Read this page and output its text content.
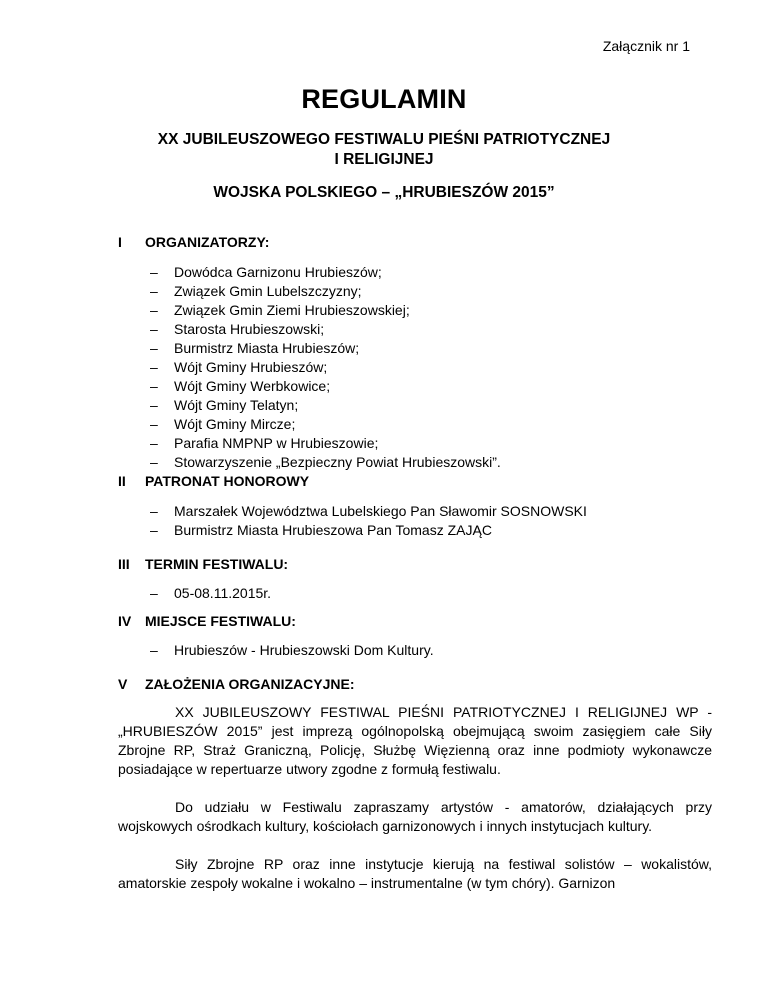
Załącznik nr 1
REGULAMIN
XX JUBILEUSZOWEGO FESTIWALU PIEŚNI PATRIOTYCZNEJ
I RELIGIJNEJ
WOJSKA POLSKIEGO – „HRUBIESZÓW 2015”
I ORGANIZATORZY:
– Dowódca Garnizonu Hrubieszów;
– Związek Gmin Lubelszczyzny;
– Związek Gmin Ziemi Hrubieszowskiej;
– Starosta Hrubieszowski;
– Burmistrz Miasta Hrubieszów;
– Wójt Gminy Hrubieszów;
– Wójt Gminy Werbkowice;
– Wójt Gminy Telatyn;
– Wójt Gminy Mircze;
– Parafia NMPNP w Hrubieszowie;
– Stowarzyszenie „Bezpieczny Powiat Hrubieszowski”.
II PATRONAT HONOROWY
– Marszałek Województwa Lubelskiego Pan Sławomir SOSNOWSKI
– Burmistrz Miasta Hrubieszowa Pan Tomasz ZAJĄC
III TERMIN FESTIWALU:
– 05-08.11.2015r.
IV MIEJSCE FESTIWALU:
– Hrubieszów - Hrubieszowski Dom Kultury.
V ZAŁOŻENIA ORGANIZACYJNE:
XX JUBILEUSZOWY FESTIWAL PIEŚNI PATRIOTYCZNEJ I RELIGIJNEJ WP - „HRUBIESZÓW 2015” jest imprezą ogólnopolską obejmującą swoim zasięgiem całe Siły Zbrojne RP, Straż Graniczną, Policję, Służbę Więzienną oraz inne podmioty wykonawcze posiadające w repertuarze utwory zgodne z formułą festiwalu.
Do udziału w Festiwalu zapraszamy artystów - amatorów, działających przy wojskowych ośrodkach kultury, kościołach garnizonowych i innych instytucjach kultury.
Siły Zbrojne RP oraz inne instytucje kierują na festiwal solistów – wokalistów, amatorskie zespoły wokalne i wokalno – instrumentalne (w tym chóry). Garnizon
